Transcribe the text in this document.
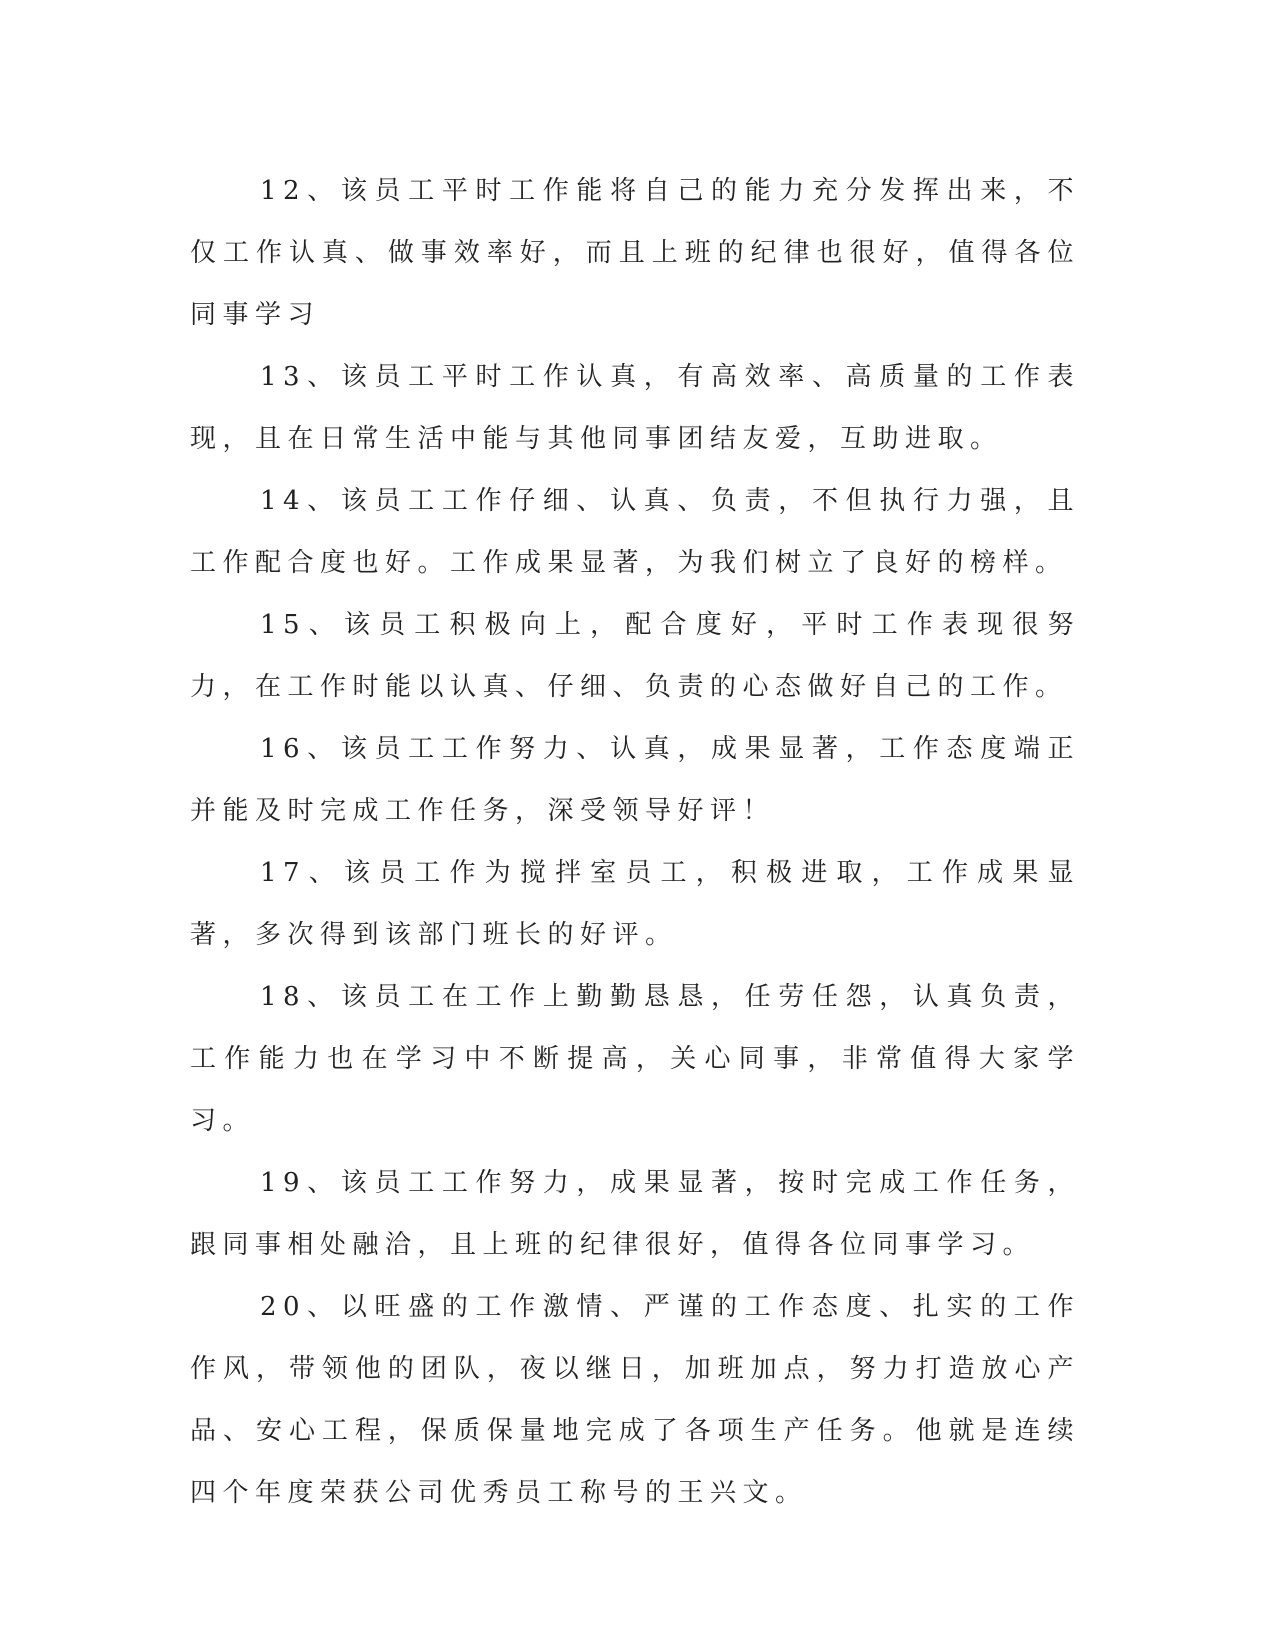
12、该员工平时工作能将自己的能力充分发挥出来，不仅工作认真、做事效率好，而且上班的纪律也很好，值得各位同事学习

13、该员工平时工作认真，有高效率、高质量的工作表现，且在日常生活中能与其他同事团结友爱，互助进取。

14、该员工工作仔细、认真、负责，不但执行力强，且工作配合度也好。工作成果显著，为我们树立了良好的榜样。

15、该员工积极向上，配合度好，平时工作表现很努力，在工作时能以认真、仔细、负责的心态做好自己的工作。

16、该员工工作努力、认真，成果显著，工作态度端正并能及时完成工作任务，深受领导好评！

17、该员工作为搅拌室员工，积极进取，工作成果显著，多次得到该部门班长的好评。

18、该员工在工作上勤勤恳恳，任劳任怨，认真负责，工作能力也在学习中不断提高，关心同事，非常值得大家学习。

19、该员工工作努力，成果显著，按时完成工作任务，跟同事相处融洽，且上班的纪律很好，值得各位同事学习。

20、以旺盛的工作激情、严谨的工作态度、扎实的工作作风，带领他的团队，夜以继日，加班加点，努力打造放心产品、安心工程，保质保量地完成了各项生产任务。他就是连续四个年度荣获公司优秀员工称号的王兴文。
